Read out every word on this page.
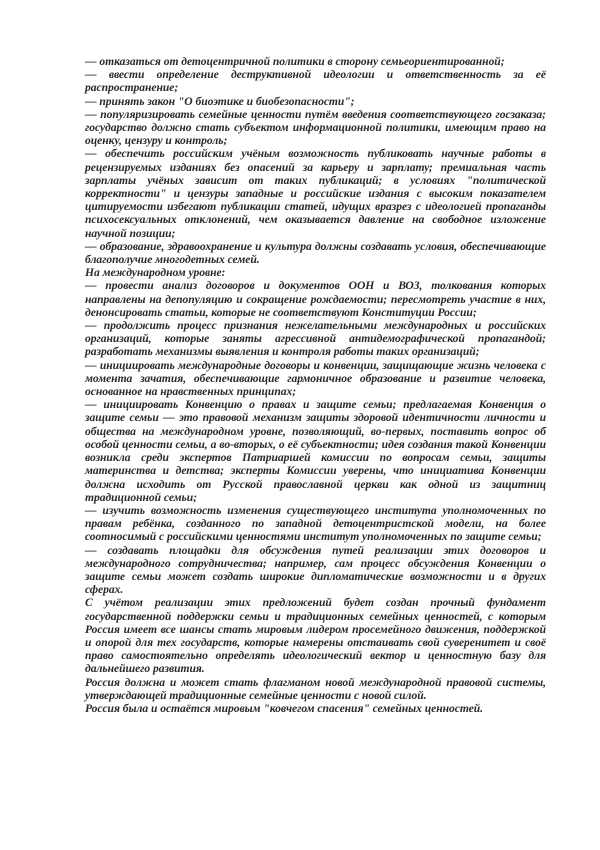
— отказаться от детоцентричной политики в сторону семьеориентированной;

— ввести определение деструктивной идеологии и ответственность за её распространение;

— принять закон "О биоэтике и биобезопасности";

— популяризировать семейные ценности путём введения соответствующего госзаказа; государство должно стать субъектом информационной политики, имеющим право на оценку, цензуру и контроль;

— обеспечить российским учёным возможность публиковать научные работы в рецензируемых изданиях без опасений за карьеру и зарплату; премиальная часть зарплаты учёных зависит от таких публикаций; в условиях "политической корректности" и цензуры западные и российские издания с высоким показателем цитируемости избегают публикации статей, идущих вразрез с идеологией пропаганды психосексуальных отклонений, чем оказывается давление на свободное изложение научной позиции;

— образование, здравоохранение и культура должны создавать условия, обеспечивающие благополучие многодетных семей.

На международном уровне:

— провести анализ договоров и документов ООН и ВОЗ, толкования которых направлены на депопуляцию и сокращение рождаемости; пересмотреть участие в них, денонсировать статьи, которые не соответствуют Конституции России;

— продолжить процесс признания нежелательными международных и российских организаций, которые заняты агрессивной антидемографической пропагандой; разработать механизмы выявления и контроля работы таких организаций;

— инициировать международные договоры и конвенции, защищающие жизнь человека с момента зачатия, обеспечивающие гармоничное образование и развитие человека, основанное на нравственных принципах;

— инициировать Конвенцию о правах и защите семьи; предлагаемая Конвенция о защите семьи — это правовой механизм защиты здоровой идентичности личности и общества на международном уровне, позволяющий, во-первых, поставить вопрос об особой ценности семьи, а во-вторых, о её субъектности; идея создания такой Конвенции возникла среди экспертов Патриаршей комиссии по вопросам семьи, защиты материнства и детства; эксперты Комиссии уверены, что инициатива Конвенции должна исходить от Русской православной церкви как одной из защитниц традиционной семьи;

— изучить возможность изменения существующего института уполномоченных по правам ребёнка, созданного по западной детоцентристской модели, на более соотносимый с российскими ценностями институт уполномоченных по защите семьи;

— создавать площадки для обсуждения путей реализации этих договоров и международного сотрудничества; например, сам процесс обсуждения Конвенции о защите семьи может создать широкие дипломатические возможности и в других сферах.

С учётом реализации этих предложений будет создан прочный фундамент государственной поддержки семьи и традиционных семейных ценностей, с которым Россия имеет все шансы стать мировым лидером просемейного движения, поддержкой и опорой для тех государств, которые намерены отстаивать свой суверенитет и своё право самостоятельно определять идеологический вектор и ценностную базу для дальнейшего развития.

Россия должна и может стать флагманом новой международной правовой системы, утверждающей традиционные семейные ценности с новой силой.

Россия была и остаётся мировым "ковчегом спасения" семейных ценностей.
